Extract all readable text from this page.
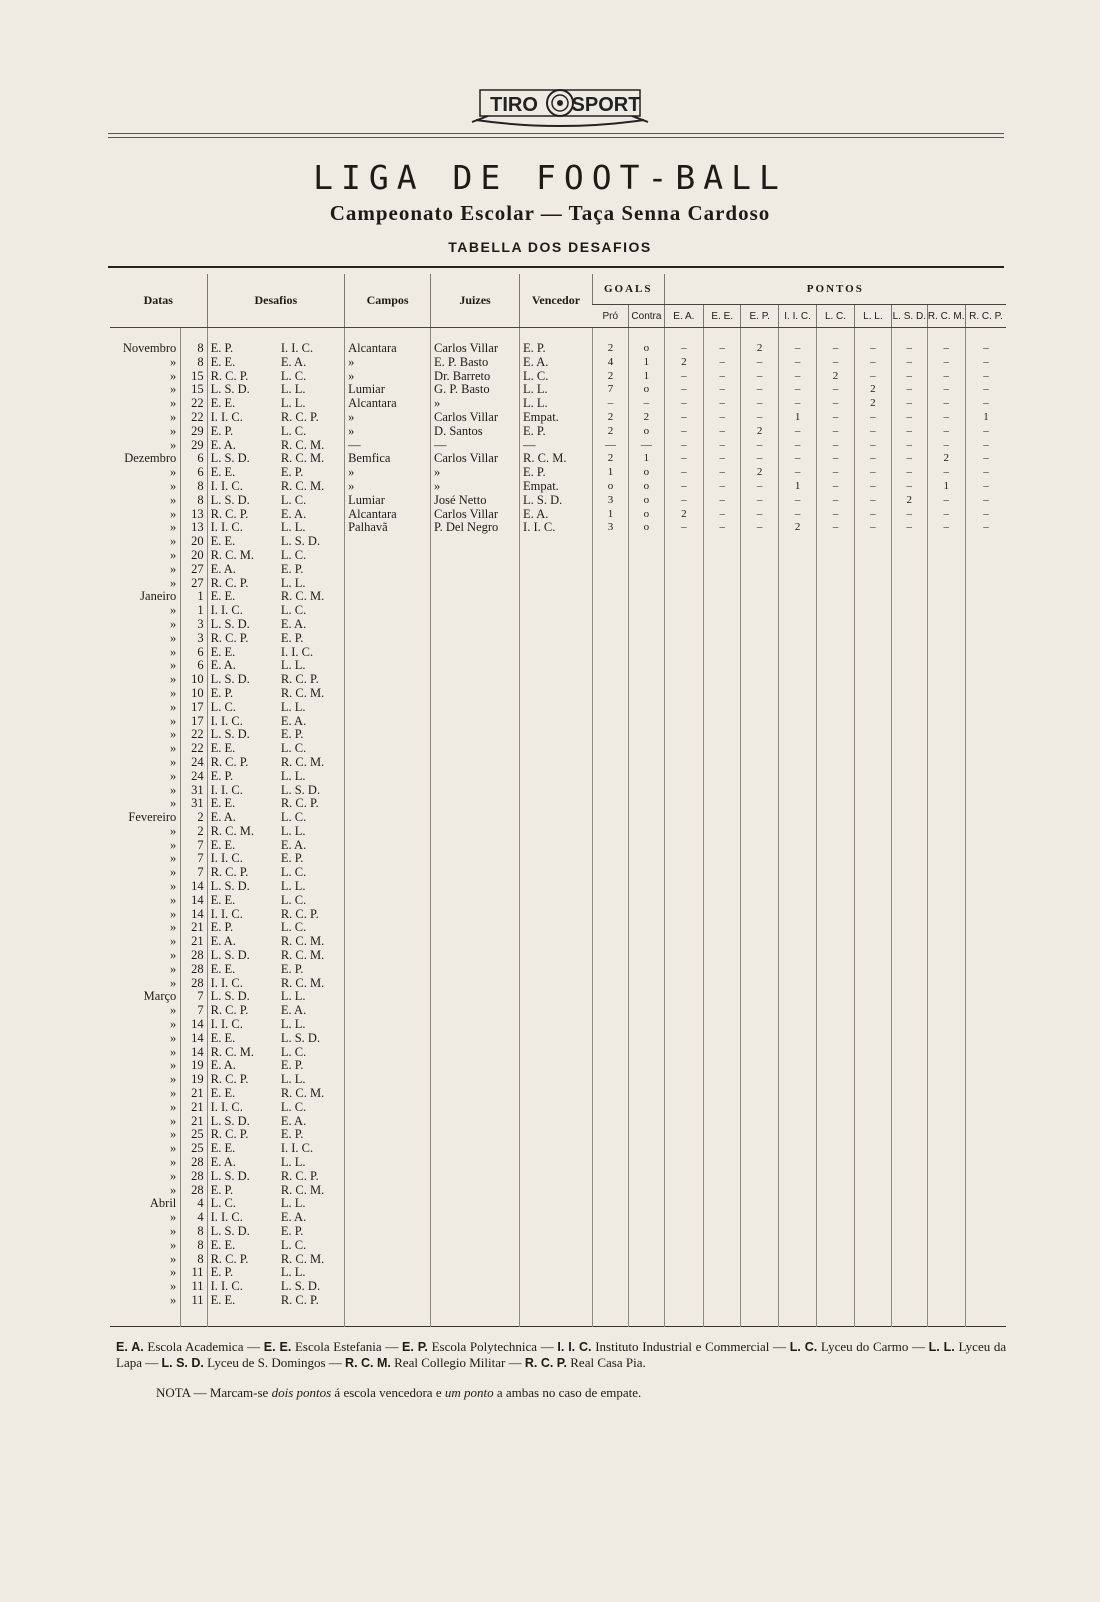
TIRO SPORT
LIGA DE FOOT-BALL
Campeonato Escolar — Taça Senna Cardoso
TABELLA DOS DESAFIOS
Datas		Desafios		Campos	Juizes	Vencedor	GOALS		PONTOS								
							Pró	Contra	E. A.	E. E.	E. P.	I. I. C.	L. C.	L. L.	L. S. D.	R. C. M.	R. C. P.
Novembro	8	E. P.	I. I. C.	Alcantara	Carlos Villar	E. P.	2	o	–	–	2	–	–	–	–	–	–
»	8	E. E.	E. A.	»	E. P. Basto	E. A.	4	1	2	–	–	–	–	–	–	–	–
»	15	R. C. P.	L. C.	»	Dr. Barreto	L. C.	2	1	–	–	–	–	2	–	–	–	–
»	15	L. S. D.	L. L.	Lumiar	G. P. Basto	L. L.	7	o	–	–	–	–	–	2	–	–	–
»	22	E. E.	L. L.	Alcantara	»	L. L.	–	–	–	–	–	–	–	2	–	–	–
»	22	I. I. C.	R. C. P.	»	Carlos Villar	Empat.	2	2	–	–	–	1	–	–	–	–	1
»	29	E. P.	L. C.	»	D. Santos	E. P.	2	o	–	–	2	–	–	–	–	–	–
»	29	E. A.	R. C. M.	—	—	—	—	—	–	–	–	–	–	–	–	–	–
Dezembro	6	L. S. D.	R. C. M.	Bemfica	Carlos Villar	R. C. M.	2	1	–	–	–	–	–	–	–	2	–
»	6	E. E.	E. P.	»	»	E. P.	1	o	–	–	2	–	–	–	–	–	–
»	8	I. I. C.	R. C. M.	»	»	Empat.	o	o	–	–	–	1	–	–	–	1	–
»	8	L. S. D.	L. C.	Lumiar	José Netto	L. S. D.	3	o	–	–	–	–	–	–	2	–	–
»	13	R. C. P.	E. A.	Alcantara	Carlos Villar	E. A.	1	o	2	–	–	–	–	–	–	–	–
»	13	I. I. C.	L. L.	Palhavã	P. Del Negro	I. I. C.	3	o	–	–	–	2	–	–	–	–	–
»	20	E. E.	L. S. D.														
»	20	R. C. M.	L. C.														
»	27	E. A.	E. P.														
»	27	R. C. P.	L. L.														
Janeiro	1	E. E.	R. C. M.														
»	1	I. I. C.	L. C.														
»	3	L. S. D.	E. A.														
»	3	R. C. P.	E. P.														
»	6	E. E.	I. I. C.														
»	6	E. A.	L. L.														
»	10	L. S. D.	R. C. P.														
»	10	E. P.	R. C. M.														
»	17	L. C.	L. L.														
»	17	I. I. C.	E. A.														
»	22	L. S. D.	E. P.														
»	22	E. E.	L. C.														
»	24	R. C. P.	R. C. M.														
»	24	E. P.	L. L.														
»	31	I. I. C.	L. S. D.														
»	31	E. E.	R. C. P.														
Fevereiro	2	E. A.	L. C.														
»	2	R. C. M.	L. L.														
»	7	E. E.	E. A.														
»	7	I. I. C.	E. P.														
»	7	R. C. P.	L. C.														
»	14	L. S. D.	L. L.														
»	14	E. E.	L. C.														
»	14	I. I. C.	R. C. P.														
»	21	E. P.	L. C.														
»	21	E. A.	R. C. M.														
»	28	L. S. D.	R. C. M.														
»	28	E. E.	E. P.														
»	28	I. I. C.	R. C. M.														
Março	7	L. S. D.	L. L.														
»	7	R. C. P.	E. A.														
»	14	I. I. C.	L. L.														
»	14	E. E.	L. S. D.														
»	14	R. C. M.	L. C.														
»	19	E. A.	E. P.														
»	19	R. C. P.	L. L.														
»	21	E. E.	R. C. M.														
»	21	I. I. C.	L. C.														
»	21	L. S. D.	E. A.														
»	25	R. C. P.	E. P.														
»	25	E. E.	I. I. C.														
»	28	E. A.	L. L.														
»	28	L. S. D.	R. C. P.														
»	28	E. P.	R. C. M.														
Abril	4	L. C.	L. L.														
»	4	I. I. C.	E. A.														
»	8	L. S. D.	E. P.														
»	8	E. E.	L. C.														
»	8	R. C. P.	R. C. M.														
»	11	E. P.	L. L.														
»	11	I. I. C.	L. S. D.														
»	11	E. E.	R. C. P.														
E. A. Escola Academica — E. E. Escola Estefania — E. P. Escola Polytechnica — I. I. C. Instituto Industrial e Commercial — L. C. Lyceu do Carmo — L. L. Lyceu da Lapa — L. S. D. Lyceu de S. Domingos — R. C. M. Real Collegio Militar — R. C. P. Real Casa Pia.
NOTA — Marcam-se dois pontos á escola vencedora e um ponto a ambas no caso de empate.
